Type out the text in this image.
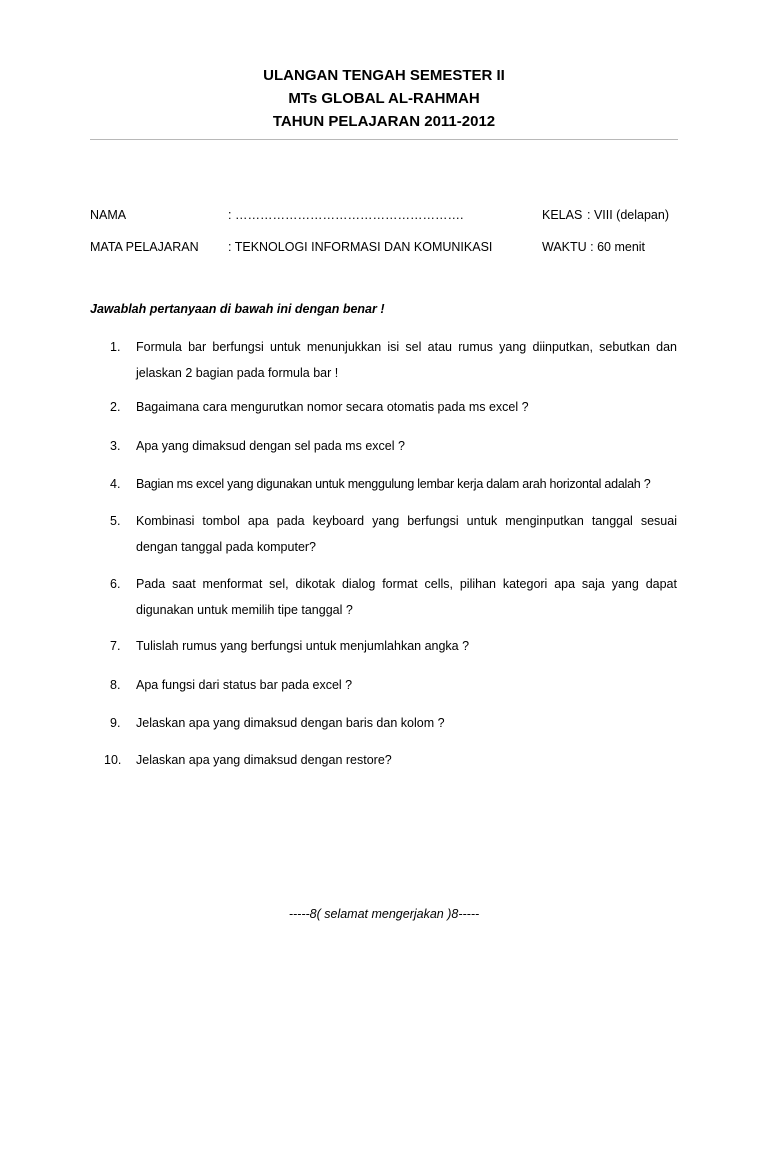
ULANGAN TENGAH SEMESTER II

MTs GLOBAL AL-RAHMAH

TAHUN PELAJARAN 2011-2012

NAMA	: ……………………………………………….	KELAS : VIII (delapan)
MATA PELAJARAN : TEKNOLOGI INFORMASI DAN KOMUNIKASI	WAKTU : 60 menit
Jawablah pertanyaan di bawah ini dengan benar !
1. Formula bar berfungsi untuk menunjukkan isi sel atau rumus yang diinputkan, sebutkan dan
jelaskan 2 bagian pada formula bar !
2. Bagaimana cara mengurutkan nomor secara otomatis pada ms excel ?
3. Apa yang dimaksud dengan sel pada ms excel ?
4. Bagian ms excel yang digunakan untuk menggulung lembar kerja dalam arah horizontal adalah ?
5. Kombinasi tombol apa pada keyboard yang berfungsi untuk menginputkan tanggal sesuai
dengan tanggal pada komputer?
6. Pada saat menformat sel, dikotak dialog format cells, pilihan kategori apa saja yang dapat
digunakan untuk memilih tipe tanggal ?
7. Tulislah rumus yang berfungsi untuk menjumlahkan angka ?
8. Apa fungsi dari status bar pada excel ?
9. Jelaskan apa yang dimaksud dengan baris dan kolom ?
10. Jelaskan apa yang dimaksud dengan restore?
-----8( selamat mengerjakan )8-----
